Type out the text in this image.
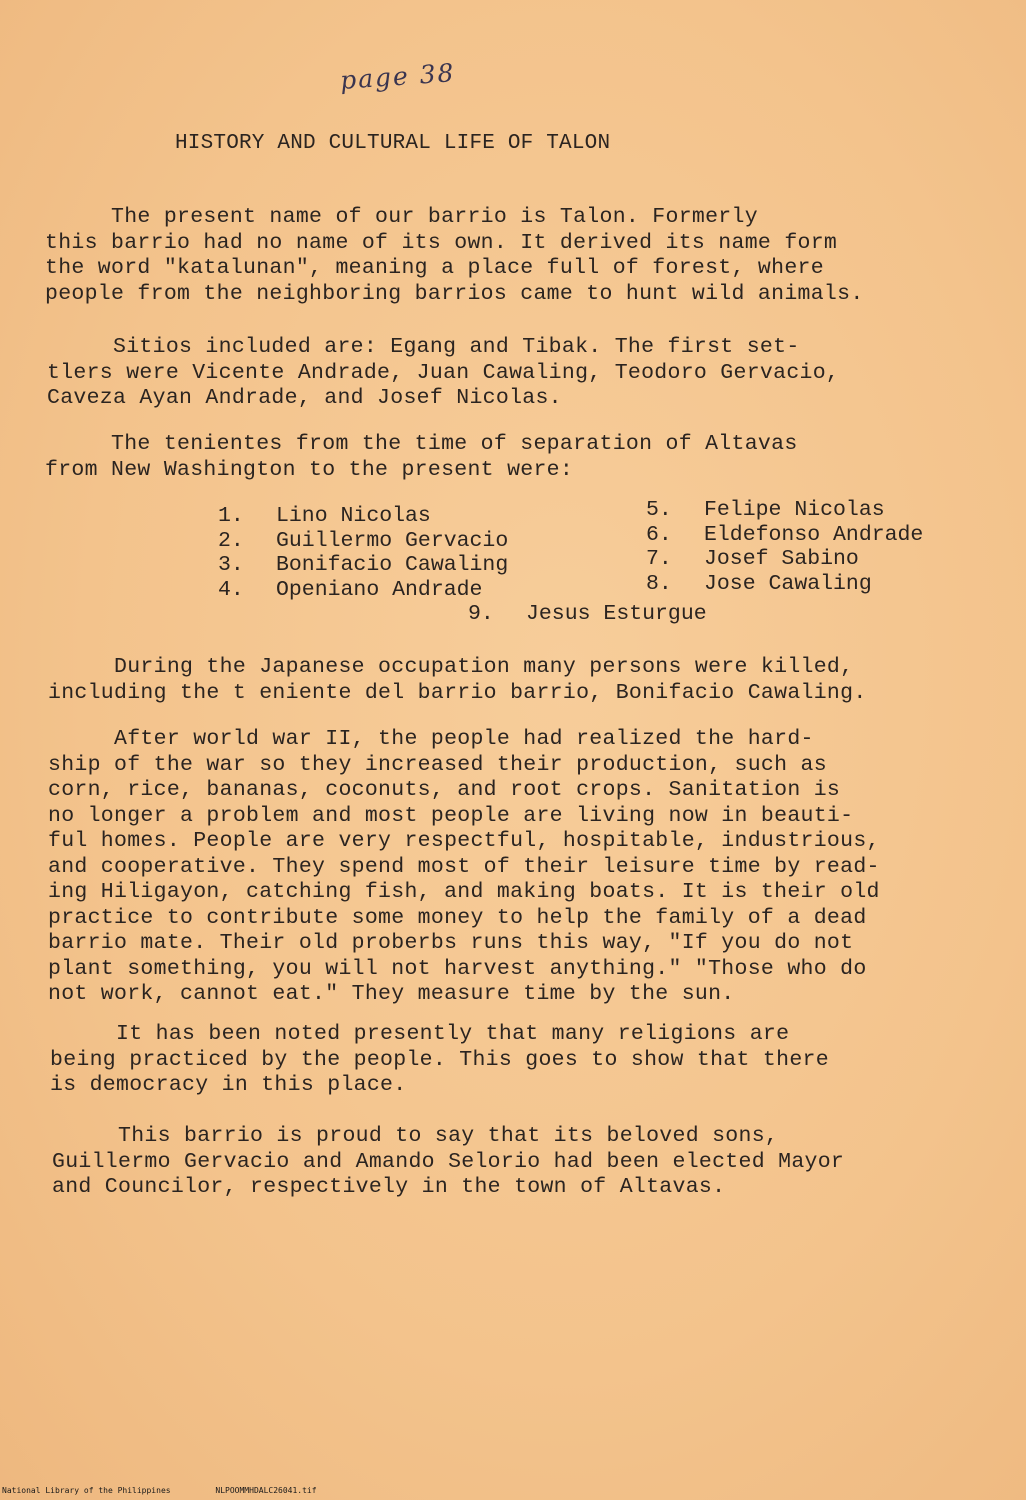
page 38
HISTORY AND CULTURAL LIFE OF TALON
The present name of our barrio is Talon. Formerly
this barrio had no name of its own. It derived its name form
the word "katalunan", meaning a place full of forest, where
people from the neighboring barrios came to hunt wild animals.
Sitios included are: Egang and Tibak. The first set-
tlers were Vicente Andrade, Juan Cawaling, Teodoro Gervacio,
Caveza Ayan Andrade, and Josef Nicolas.
The tenientes from the time of separation of Altavas
from New Washington to the present were:
1. Lino Nicolas
2. Guillermo Gervacio
3. Bonifacio Cawaling
4. Openiano Andrade
5. Felipe Nicolas
6. Eldefonso Andrade
7. Josef Sabino
8. Jose Cawaling
9. Jesus Esturgue
During the Japanese occupation many persons were killed,
including the t eniente del barrio barrio, Bonifacio Cawaling.
After world war II, the people had realized the hard-
ship of the war so they increased their production, such as
corn, rice, bananas, coconuts, and root crops. Sanitation is
no longer a problem and most people are living now in beauti-
ful homes. People are very respectful, hospitable, industrious,
and cooperative. They spend most of their leisure time by read-
ing Hiligayon, catching fish, and making boats. It is their old
practice to contribute some money to help the family of a dead
barrio mate. Their old proberbs runs this way, "If you do not
plant something, you will not harvest anything." "Those who do
not work, cannot eat." They measure time by the sun.
It has been noted presently that many religions are
being practiced by the people. This goes to show that there
is democracy in this place.
This barrio is proud to say that its beloved sons,
Guillermo Gervacio and Amando Selorio had been elected Mayor
and Councilor, respectively in the town of Altavas.
National Library of the Philippines	NLPOOMMHDALC26041.tif
